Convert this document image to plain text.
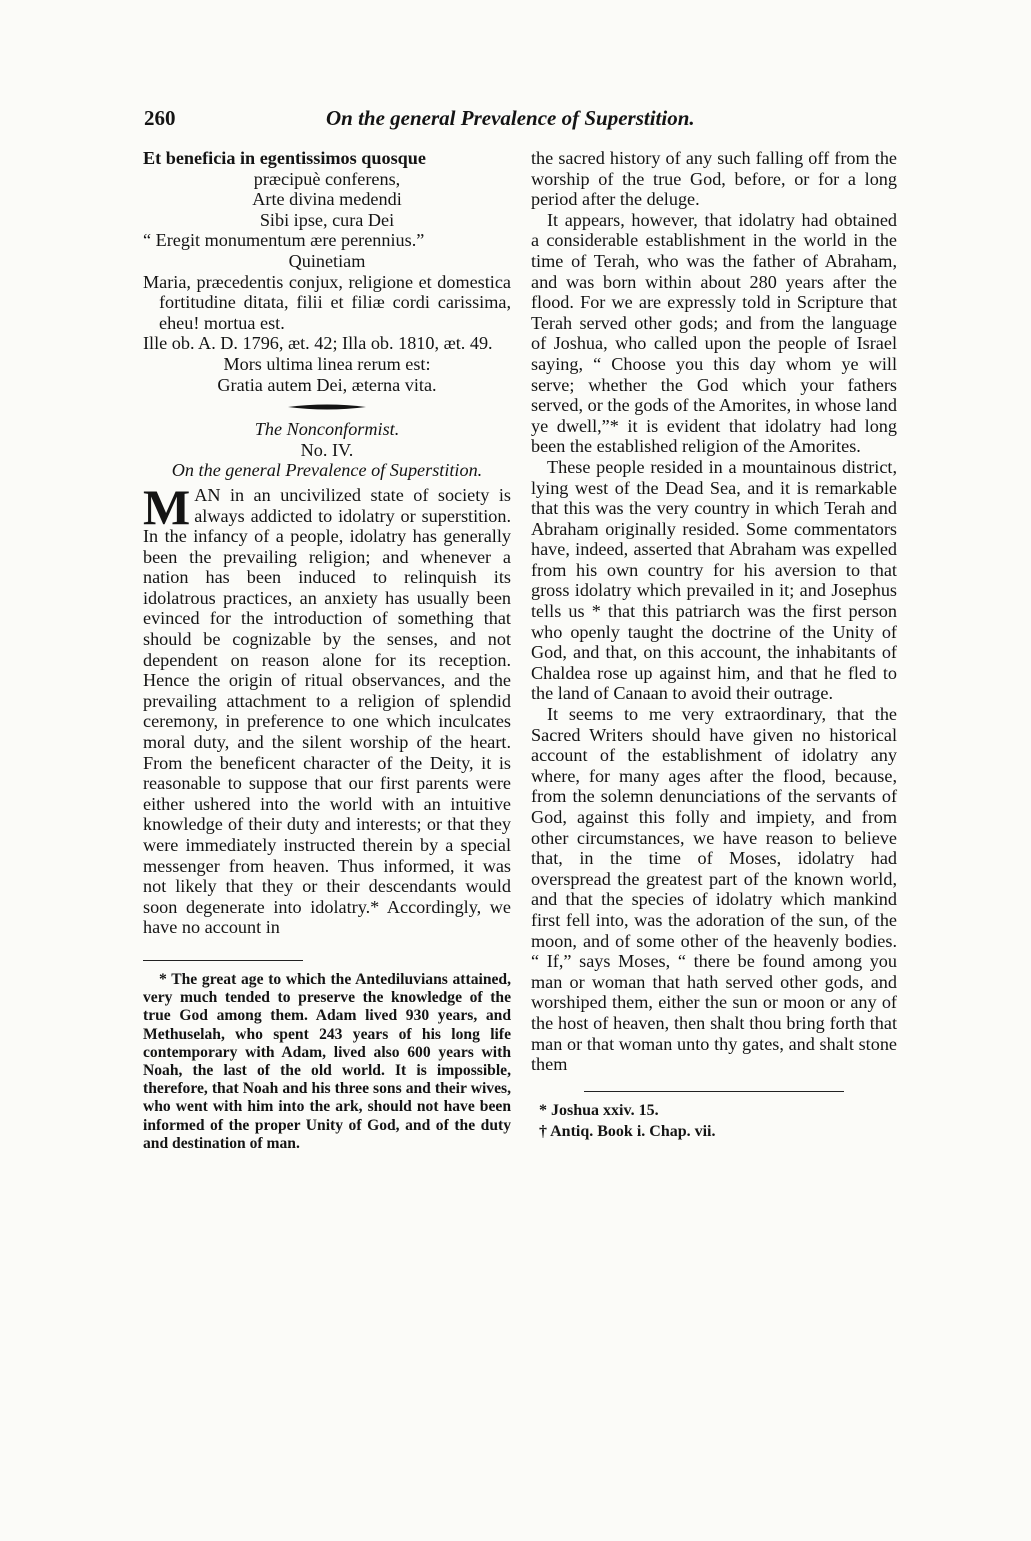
260	On the general Prevalence of Superstition.

Et beneficia in egentissimos quosque

præcipuè conferens,

Arte divina medendi

Sibi ipse, cura Dei

“ Eregit monumentum ære perennius.”

Quinetiam

Maria, præcedentis conjux, religione et domestica fortitudine ditata, filii et filiæ cordi carissima, eheu! mortua est.

Ille ob. A. D. 1796, æt. 42; Illa ob. 1810, æt. 49.

Mors ultima linea rerum est:

Gratia autem Dei, æterna vita.

The Nonconformist.

No. IV.

On the general Prevalence of Superstition.

MAN in an uncivilized state of society is always addicted to idolatry or superstition. In the infancy of a people, idolatry has generally been the prevailing religion; and whenever a nation has been induced to relinquish its idolatrous practices, an anxiety has usually been evinced for the introduction of something that should be cognizable by the senses, and not dependent on reason alone for its reception. Hence the origin of ritual observances, and the prevailing attachment to a religion of splendid ceremony, in preference to one which inculcates moral duty, and the silent worship of the heart. From the beneficent character of the Deity, it is reasonable to suppose that our first parents were either ushered into the world with an intuitive knowledge of their duty and interests; or that they were immediately instructed therein by a special messenger from heaven. Thus informed, it was not likely that they or their descendants would soon degenerate into idolatry.* Accordingly, we have no account in

* The great age to which the Antediluvians attained, very much tended to preserve the knowledge of the true God among them. Adam lived 930 years, and Methuselah, who spent 243 years of his long life contemporary with Adam, lived also 600 years with Noah, the last of the old world. It is impossible, therefore, that Noah and his three sons and their wives, who went with him into the ark, should not have been informed of the proper Unity of God, and of the duty and destination of man.

the sacred history of any such falling off from the worship of the true God, before, or for a long period after the deluge.

It appears, however, that idolatry had obtained a considerable establishment in the world in the time of Terah, who was the father of Abraham, and was born within about 280 years after the flood. For we are expressly told in Scripture that Terah served other gods; and from the language of Joshua, who called upon the people of Israel saying, “ Choose you this day whom ye will serve; whether the God which your fathers served, or the gods of the Amorites, in whose land ye dwell,”* it is evident that idolatry had long been the established religion of the Amorites.

These people resided in a mountainous district, lying west of the Dead Sea, and it is remarkable that this was the very country in which Terah and Abraham originally resided. Some commentators have, indeed, asserted that Abraham was expelled from his own country for his aversion to that gross idolatry which prevailed in it; and Josephus tells us * that this patriarch was the first person who openly taught the doctrine of the Unity of God, and that, on this account, the inhabitants of Chaldea rose up against him, and that he fled to the land of Canaan to avoid their outrage.

It seems to me very extraordinary, that the Sacred Writers should have given no historical account of the establishment of idolatry any where, for many ages after the flood, because, from the solemn denunciations of the servants of God, against this folly and impiety, and from other circumstances, we have reason to believe that, in the time of Moses, idolatry had overspread the greatest part of the known world, and that the species of idolatry which mankind first fell into, was the adoration of the sun, of the moon, and of some other of the heavenly bodies. “ If,” says Moses, “ there be found among you man or woman that hath served other gods, and worshiped them, either the sun or moon or any of the host of heaven, then shalt thou bring forth that man or that woman unto thy gates, and shalt stone them

* Joshua xxiv. 15.

† Antiq. Book i. Chap. vii.
